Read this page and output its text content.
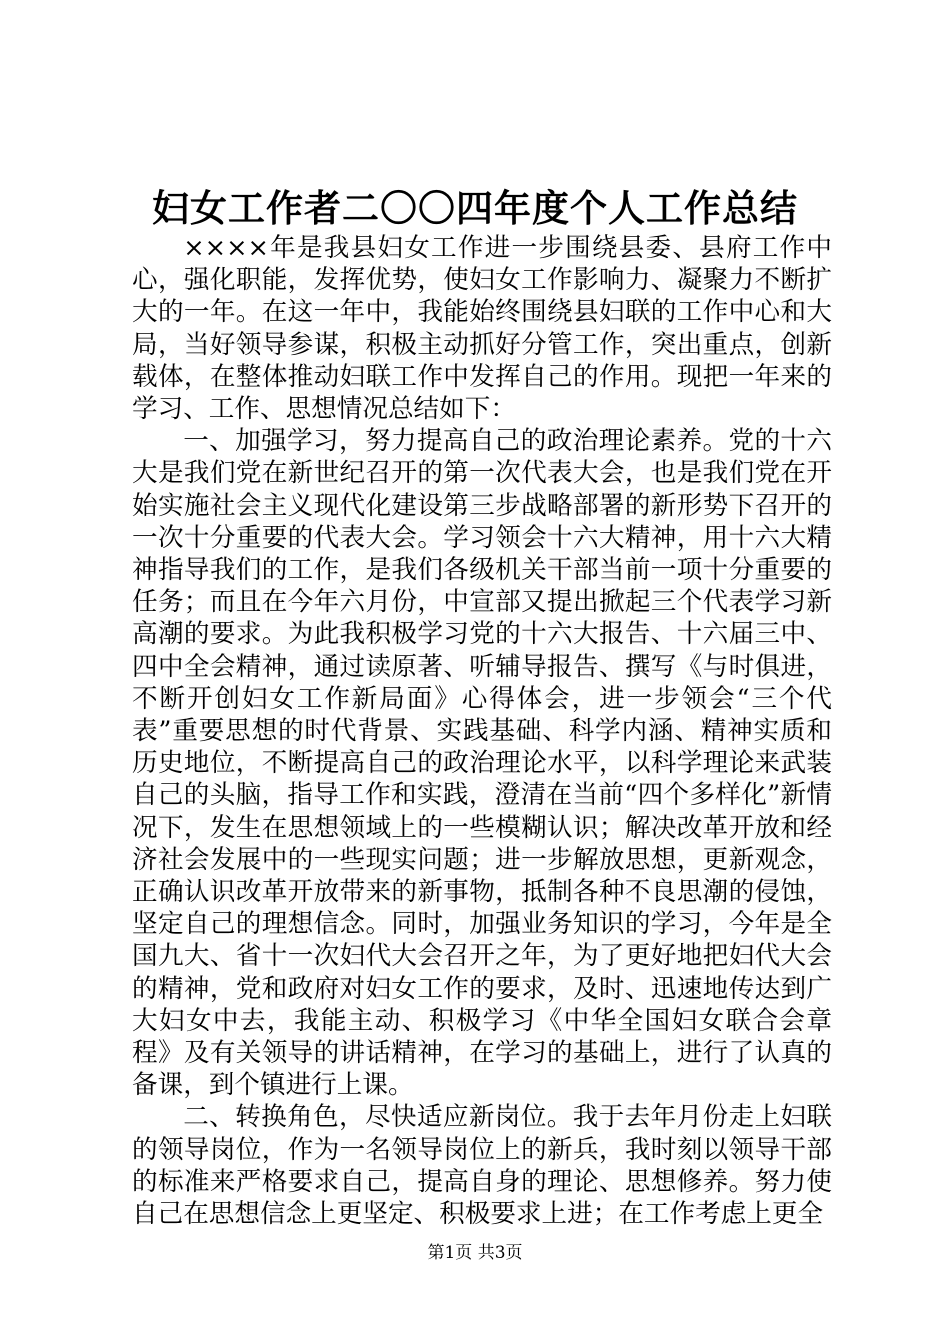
妇女工作者二〇〇四年度个人工作总结

××××年是我县妇女工作进一步围绕县委、县府工作中心，强化职能，发挥优势，使妇女工作影响力、凝聚力不断扩大的一年。在这一年中，我能始终围绕县妇联的工作中心和大局，当好领导参谋，积极主动抓好分管工作，突出重点，创新载体，在整体推动妇联工作中发挥自己的作用。现把一年来的学习、工作、思想情况总结如下：

一、加强学习，努力提高自己的政治理论素养。党的十六大是我们党在新世纪召开的第一次代表大会，也是我们党在开始实施社会主义现代化建设第三步战略部署的新形势下召开的一次十分重要的代表大会。学习领会十六大精神，用十六大精神指导我们的工作，是我们各级机关干部当前一项十分重要的任务；而且在今年六月份，中宣部又提出掀起三个代表学习新高潮的要求。为此我积极学习党的十六大报告、十六届三中、四中全会精神，通过读原著、听辅导报告、撰写《与时俱进，不断开创妇女工作新局面》心得体会，进一步领会“三个代表”重要思想的时代背景、实践基础、科学内涵、精神实质和历史地位，不断提高自己的政治理论水平，以科学理论来武装自己的头脑，指导工作和实践，澄清在当前“四个多样化”新情况下，发生在思想领域上的一些模糊认识；解决改革开放和经济社会发展中的一些现实问题；进一步解放思想，更新观念，正确认识改革开放带来的新事物，抵制各种不良思潮的侵蚀，坚定自己的理想信念。同时，加强业务知识的学习，今年是全国九大、省十一次妇代大会召开之年，为了更好地把妇代大会的精神，党和政府对妇女工作的要求，及时、迅速地传达到广大妇女中去，我能主动、积极学习《中华全国妇女联合会章程》及有关领导的讲话精神，在学习的基础上，进行了认真的备课，到个镇进行上课。

二、转换角色，尽快适应新岗位。我于去年月份走上妇联的领导岗位，作为一名领导岗位上的新兵，我时刻以领导干部的标准来严格要求自己，提高自身的理论、思想修养。努力使自己在思想信念上更坚定、积极要求上进；在工作考虑上更全

第1页 共3页
